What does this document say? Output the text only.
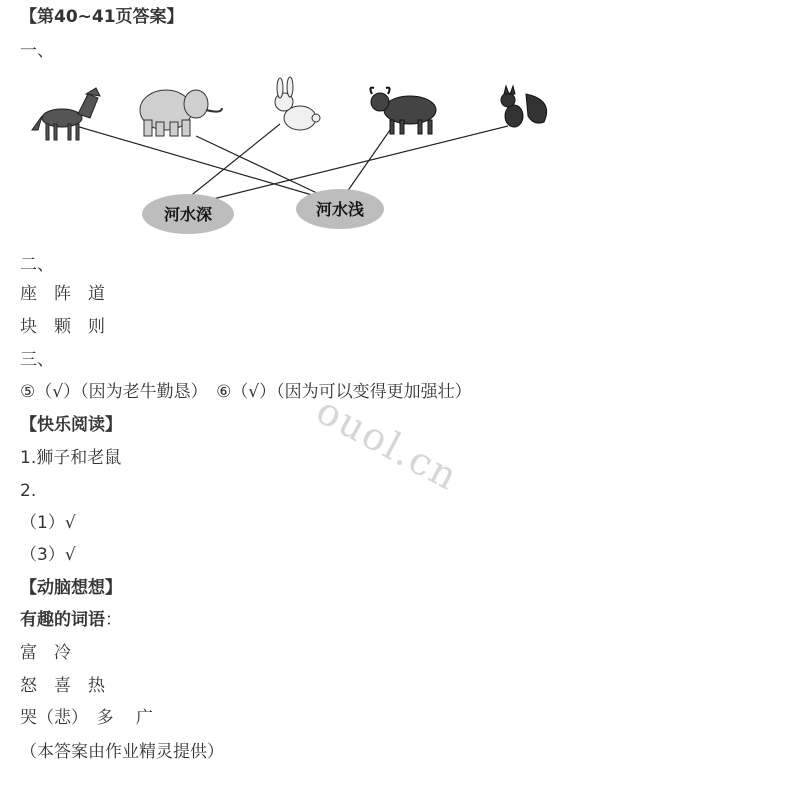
【第40~41页答案】
一、
河水深	河水浅
二、
座　阵　道
块　颗　则
三、
⑤（√）（因为老牛勤恳）　⑥（√）（因为可以变得更加强壮）
【快乐阅读】
1.狮子和老鼠
2.
（1）√
（3）√
【动脑想想】
有趣的词语：
富　冷
怒　喜　热
哭（悲）　多　 广
（本答案由作业精灵提供）
ouol.cn
